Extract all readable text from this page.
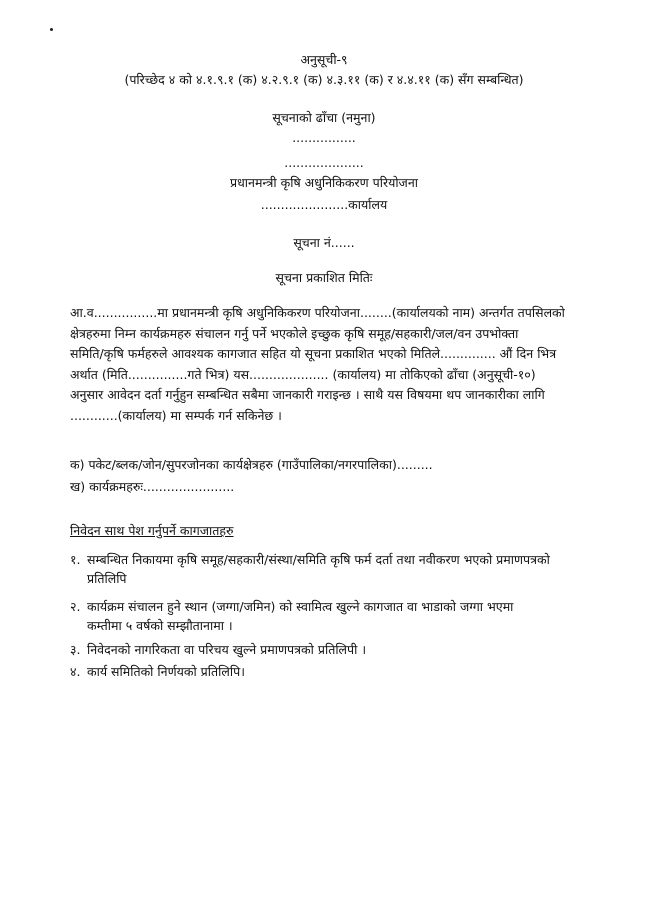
अनुसूची-९
(परिच्छेद ४ को ४.१.९.१ (क) ४.२.९.१ (क) ४.३.११ (क) र ४.४.११ (क) सँग सम्बन्धित)
सूचनाको ढाँचा (नमुना)
................
....................
प्रधानमन्त्री कृषि अधुनिकिकरण परियोजना
......................कार्यालय
सूचना नं......
सूचना प्रकाशित मितिः
आ.व................मा प्रधानमन्त्री कृषि अधुनिकिकरण परियोजना........(कार्यालयको नाम) अन्तर्गत तपसिलको
क्षेत्रहरुमा निम्न कार्यक्रमहरु संचालन गर्नु पर्ने भएकोले इच्छुक कृषि समूह/सहकारी/जल/वन उपभोक्ता
समिति/कृषि फर्महरुले आवश्यक कागजात सहित यो सूचना प्रकाशित भएको मितिले.............. औं दिन भित्र
अर्थात (मिति...............गते भित्र) यस.................... (कार्यालय) मा तोकिएको ढाँचा (अनुसूची-१०)
अनुसार आवेदन दर्ता गर्नुहुन सम्बन्धित सबैमा जानकारी गराइन्छ । साथै यस विषयमा थप जानकारीका लागि
............(कार्यालय) मा सम्पर्क गर्न सकिनेछ ।
क) पकेट/ब्लक/जोन/सुपरजोनका कार्यक्षेत्रहरु (गाउँपालिका/नगरपालिका).........
ख) कार्यक्रमहरुः.......................
निवेदन साथ पेश गर्नुपर्ने कागजातहरु
१. सम्बन्धित निकायमा कृषि समूह/सहकारी/संस्था/समिति कृषि फर्म दर्ता तथा नवीकरण भएको प्रमाणपत्रको
प्रतिलिपि
२. कार्यक्रम संचालन हुने स्थान (जग्गा/जमिन) को स्वामित्व खुल्ने कागजात वा भाडाको जग्गा भएमा
कम्तीमा ५ वर्षको सम्झौतानामा ।
३. निवेदनको नागरिकता वा परिचय खुल्ने प्रमाणपत्रको प्रतिलिपी ।
४. कार्य समितिको निर्णयको प्रतिलिपि।
